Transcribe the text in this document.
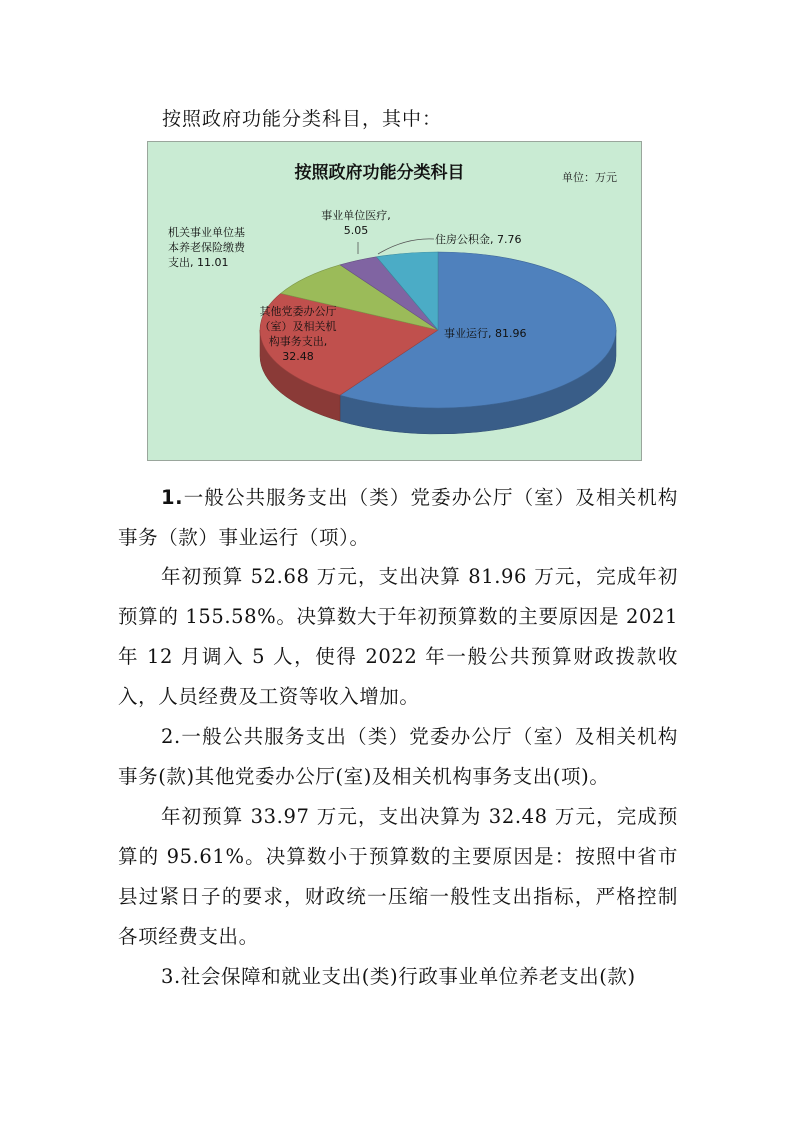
按照政府功能分类科目，其中：
按照政府功能分类科目	单位：万元
事业运行, 81.96
其他党委办公厅
（室）及相关机
构事务支出,
32.48
机关事业单位基
本养老保险缴费
支出, 11.01
事业单位医疗,
5.05
住房公积金, 7.76

1.一般公共服务支出（类）党委办公厅（室）及相关机构事务（款）事业运行（项）。

年初预算 52.68 万元，支出决算 81.96 万元，完成年初预算的 155.58%。决算数大于年初预算数的主要原因是 2021 年 12 月调入 5 人，使得 2022 年一般公共预算财政拨款收入，人员经费及工资等收入增加。

2.一般公共服务支出（类）党委办公厅（室）及相关机构事务(款)其他党委办公厅(室)及相关机构事务支出(项)。

年初预算 33.97 万元，支出决算为 32.48 万元，完成预算的 95.61%。决算数小于预算数的主要原因是：按照中省市县过紧日子的要求，财政统一压缩一般性支出指标，严格控制各项经费支出。

3.社会保障和就业支出(类)行政事业单位养老支出(款)
